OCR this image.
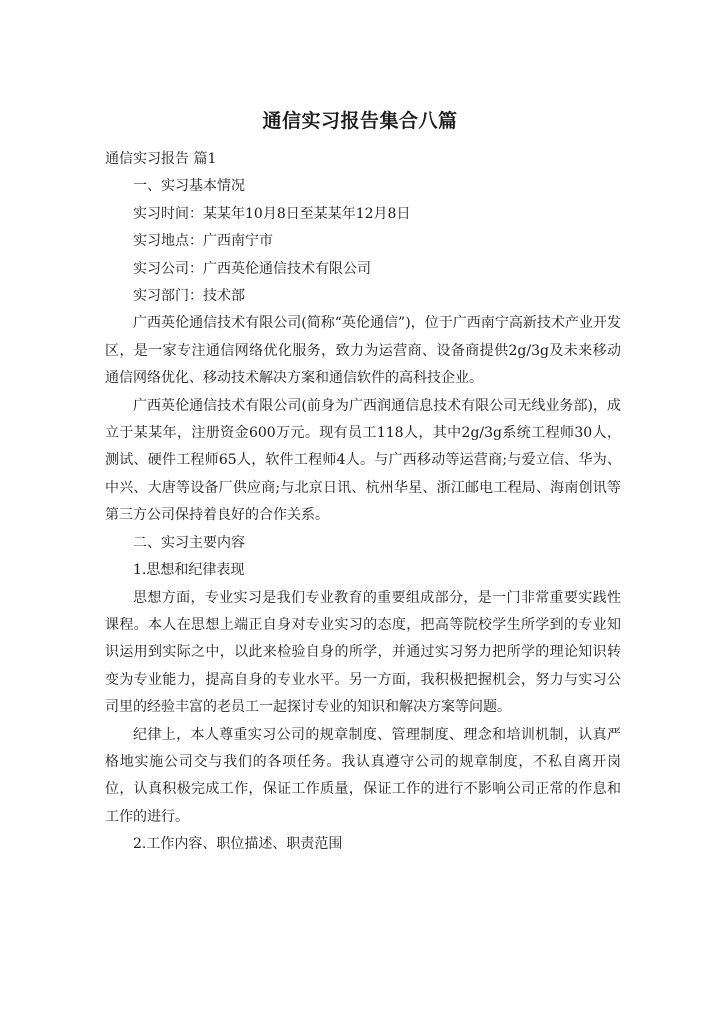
通信实习报告集合八篇

通信实习报告 篇1

一、实习基本情况

实习时间：某某年10月8日至某某年12月8日

实习地点：广西南宁市

实习公司：广西英伦通信技术有限公司

实习部门：技术部

广西英伦通信技术有限公司(简称“英伦通信”)，位于广西南宁高新技术产业开发区，是一家专注通信网络优化服务，致力为运营商、设备商提供2g/3g及未来移动通信网络优化、移动技术解决方案和通信软件的高科技企业。

广西英伦通信技术有限公司(前身为广西润通信息技术有限公司无线业务部)，成立于某某年，注册资金600万元。现有员工118人，其中2g/3g系统工程师30人，测试、硬件工程师65人，软件工程师4人。与广西移动等运营商;与爱立信、华为、中兴、大唐等设备厂供应商;与北京日讯、杭州华星、浙江邮电工程局、海南创讯等第三方公司保持着良好的合作关系。

二、实习主要内容

1.思想和纪律表现

思想方面，专业实习是我们专业教育的重要组成部分，是一门非常重要实践性课程。本人在思想上端正自身对专业实习的态度，把高等院校学生所学到的专业知识运用到实际之中，以此来检验自身的所学，并通过实习努力把所学的理论知识转变为专业能力，提高自身的专业水平。另一方面，我积极把握机会，努力与实习公司里的经验丰富的老员工一起探讨专业的知识和解决方案等问题。

纪律上，本人尊重实习公司的规章制度、管理制度、理念和培训机制，认真严格地实施公司交与我们的各项任务。我认真遵守公司的规章制度，不私自离开岗位，认真积极完成工作，保证工作质量，保证工作的进行不影响公司正常的作息和工作的进行。

2.工作内容、职位描述、职责范围
